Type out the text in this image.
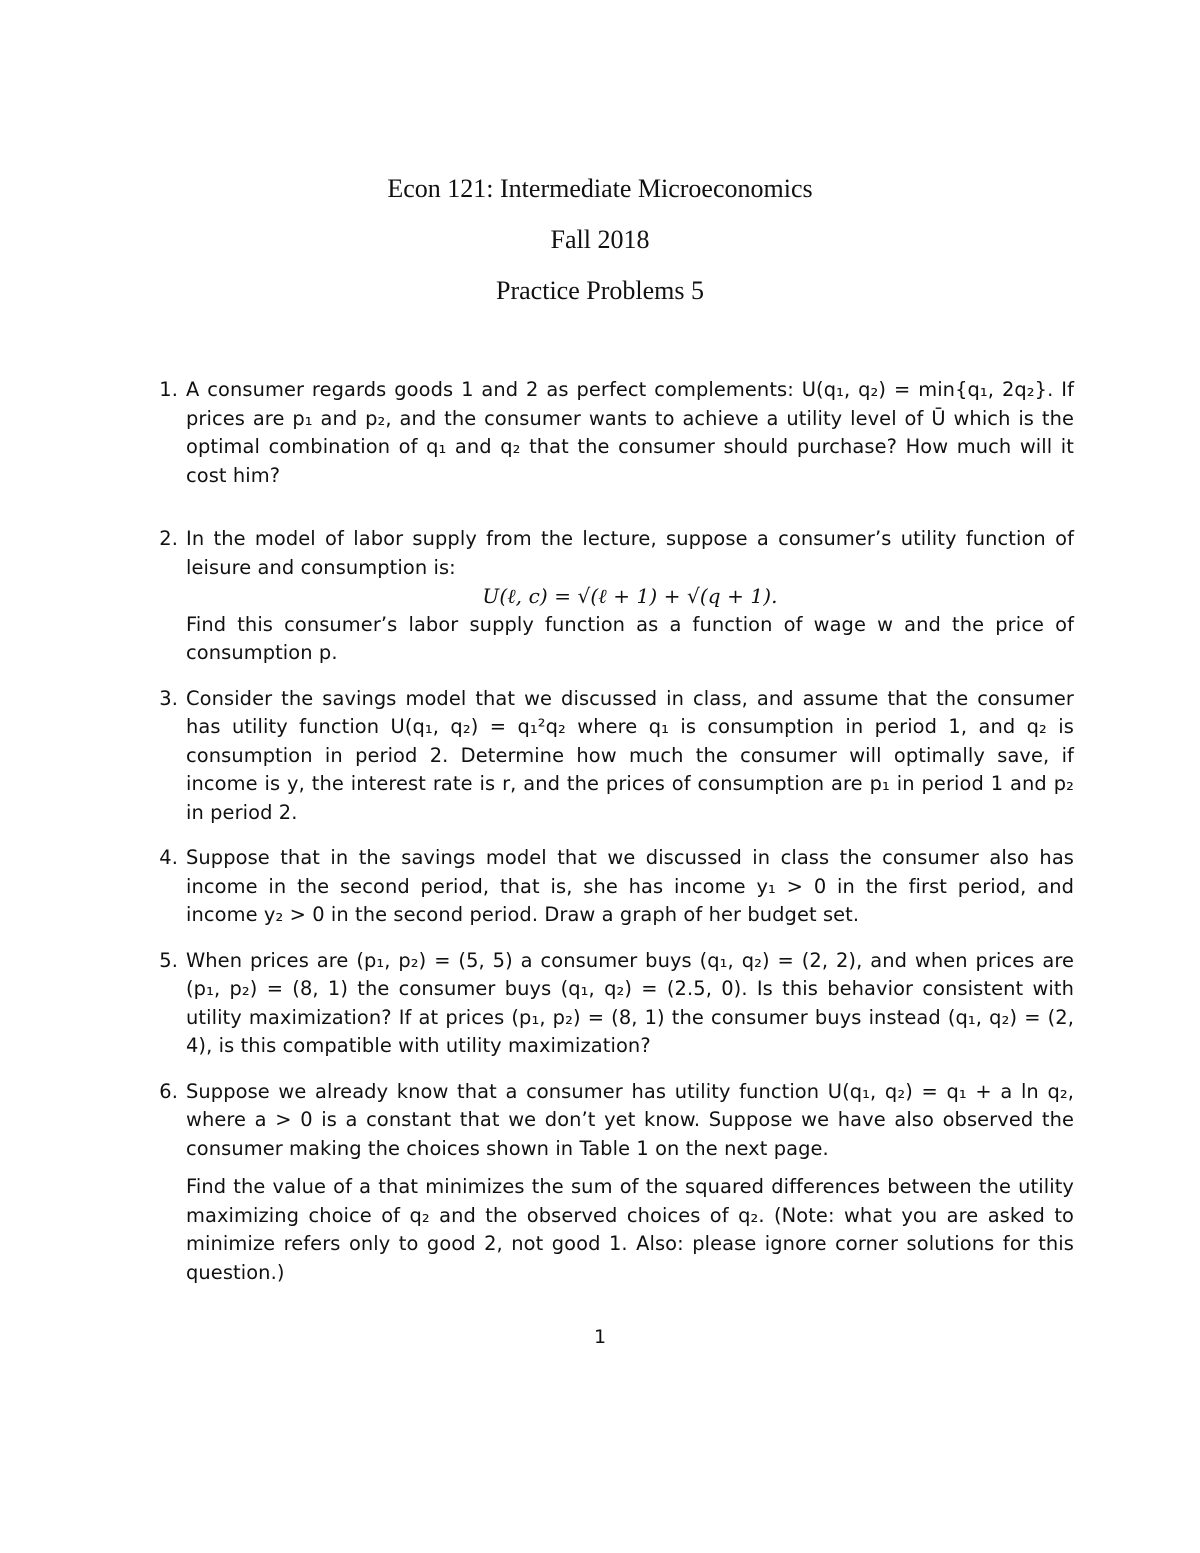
Econ 121: Intermediate Microeconomics

Fall 2018

Practice Problems 5

1. A consumer regards goods 1 and 2 as perfect complements: U(q₁, q₂) = min{q₁, 2q₂}. If prices are p₁ and p₂, and the consumer wants to achieve a utility level of Ū which is the optimal combination of q₁ and q₂ that the consumer should purchase? How much will it cost him?

2. In the model of labor supply from the lecture, suppose a consumer’s utility function of leisure and consumption is:

U(ℓ, c) = √(ℓ + 1) + √(q + 1).

Find this consumer’s labor supply function as a function of wage w and the price of consumption p.

3. Consider the savings model that we discussed in class, and assume that the consumer has utility function U(q₁, q₂) = q₁²q₂ where q₁ is consumption in period 1, and q₂ is consumption in period 2. Determine how much the consumer will optimally save, if income is y, the interest rate is r, and the prices of consumption are p₁ in period 1 and p₂ in period 2.

4. Suppose that in the savings model that we discussed in class the consumer also has income in the second period, that is, she has income y₁ > 0 in the first period, and income y₂ > 0 in the second period. Draw a graph of her budget set.

5. When prices are (p₁, p₂) = (5, 5) a consumer buys (q₁, q₂) = (2, 2), and when prices are (p₁, p₂) = (8, 1) the consumer buys (q₁, q₂) = (2.5, 0). Is this behavior consistent with utility maximization? If at prices (p₁, p₂) = (8, 1) the consumer buys instead (q₁, q₂) = (2, 4), is this compatible with utility maximization?

6. Suppose we already know that a consumer has utility function U(q₁, q₂) = q₁ + a ln q₂, where a > 0 is a constant that we don’t yet know. Suppose we have also observed the consumer making the choices shown in Table 1 on the next page.

Find the value of a that minimizes the sum of the squared differences between the utility maximizing choice of q₂ and the observed choices of q₂. (Note: what you are asked to minimize refers only to good 2, not good 1. Also: please ignore corner solutions for this question.)

1
